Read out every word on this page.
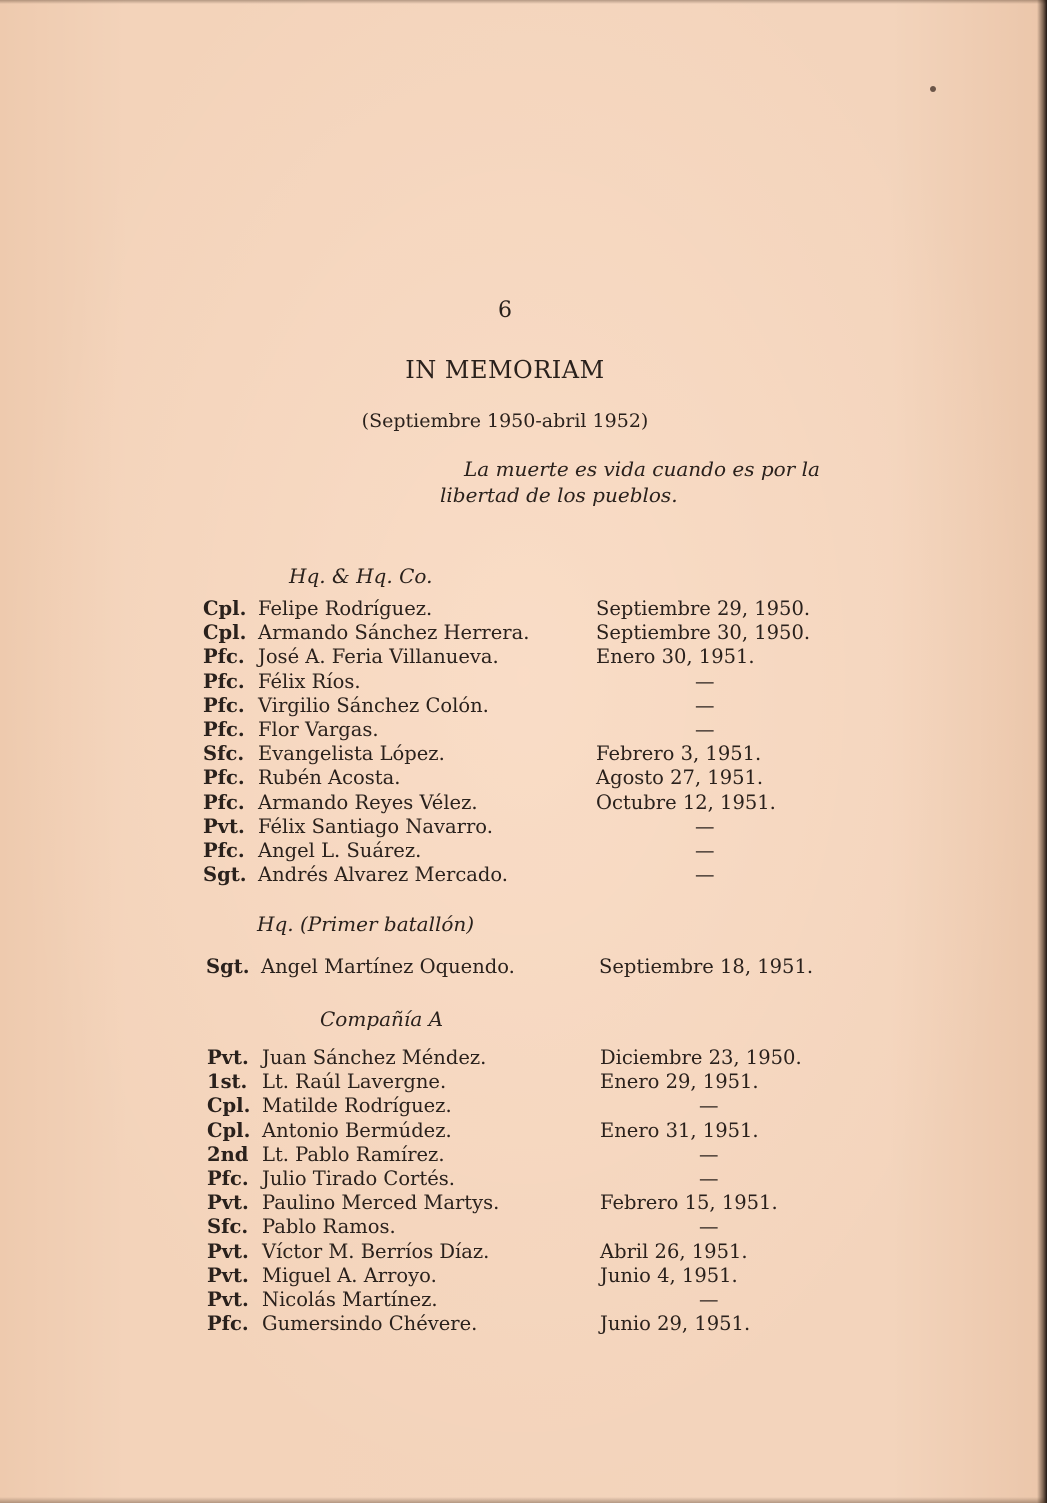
6
IN MEMORIAM
(Septiembre 1950-abril 1952)
La muerte es vida cuando es por la
libertad de los pueblos.
Hq. & Hq. Co.
Cpl. Felipe Rodríguez.	Septiembre 29, 1950.
Cpl. Armando Sánchez Herrera.	Septiembre 30, 1950.
Pfc. José A. Feria Villanueva.	Enero 30, 1951.
Pfc. Félix Ríos.	—
Pfc. Virgilio Sánchez Colón.	—
Pfc. Flor Vargas.	—
Sfc. Evangelista López.	Febrero 3, 1951.
Pfc. Rubén Acosta.	Agosto 27, 1951.
Pfc. Armando Reyes Vélez.	Octubre 12, 1951.
Pvt. Félix Santiago Navarro.	—
Pfc. Angel L. Suárez.	—
Sgt. Andrés Alvarez Mercado.	—
Hq. (Primer batallón)
Sgt. Angel Martínez Oquendo.	Septiembre 18, 1951.
Compañía A
Pvt. Juan Sánchez Méndez.	Diciembre 23, 1950.
1st. Lt. Raúl Lavergne.	Enero 29, 1951.
Cpl. Matilde Rodríguez.	—
Cpl. Antonio Bermúdez.	Enero 31, 1951.
2nd Lt. Pablo Ramírez.	—
Pfc. Julio Tirado Cortés.	—
Pvt. Paulino Merced Martys.	Febrero 15, 1951.
Sfc. Pablo Ramos.	—
Pvt. Víctor M. Berríos Díaz.	Abril 26, 1951.
Pvt. Miguel A. Arroyo.	Junio 4, 1951.
Pvt. Nicolás Martínez.	—
Pfc. Gumersindo Chévere.	Junio 29, 1951.
